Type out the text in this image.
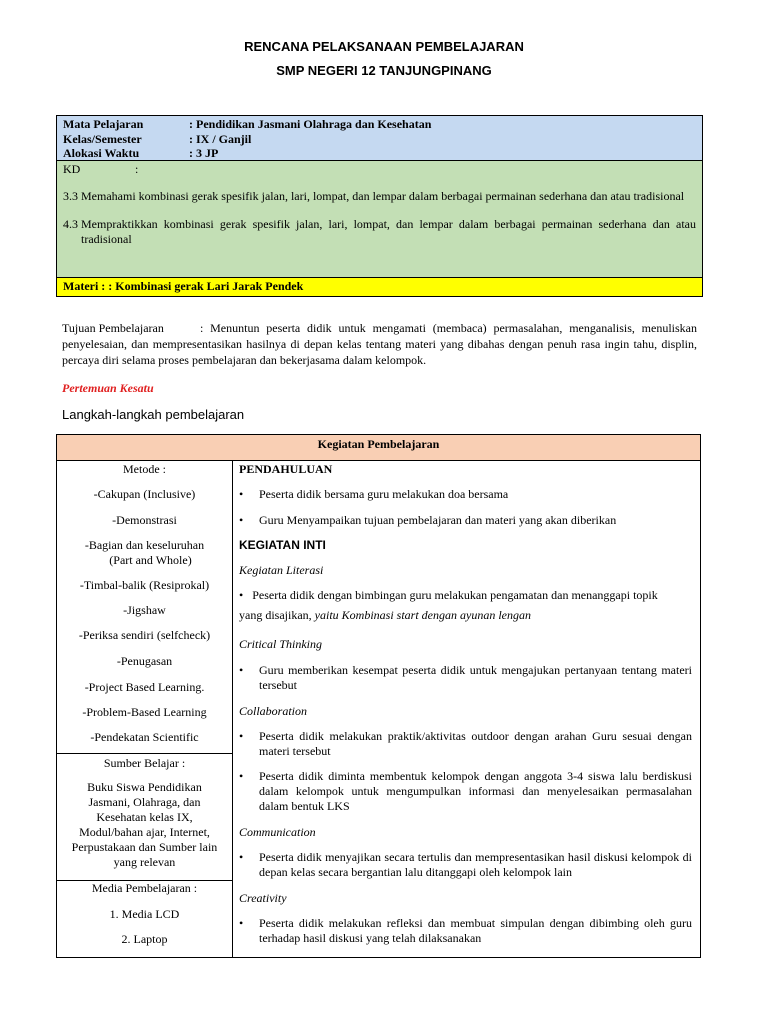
RENCANA PELAKSANAAN PEMBELAJARAN
SMP NEGERI 12 TANJUNGPINANG
Mata Pelajaran	: Pendidikan Jasmani Olahraga dan Kesehatan
Kelas/Semester	: IX / Ganjil
Alokasi Waktu	: 3 JP
KD	:
3.3 Memahami kombinasi gerak spesifik jalan, lari, lompat, dan lempar dalam berbagai permainan sederhana dan atau tradisional
4.3 Mempraktikkan kombinasi gerak spesifik jalan, lari, lompat, dan lempar dalam berbagai permainan sederhana dan atau tradisional
Materi : : Kombinasi gerak Lari Jarak Pendek
Tujuan Pembelajaran	: Menuntun peserta didik untuk mengamati (membaca) permasalahan, menganalisis, menuliskan penyelesaian, dan mempresentasikan hasilnya di depan kelas tentang materi yang dibahas dengan penuh rasa ingin tahu, displin, percaya diri selama proses pembelajaran dan bekerjasama dalam kelompok.
Pertemuan Kesatu
Langkah-langkah pembelajaran
Kegiatan Pembelajaran
Metode :
-Cakupan (Inclusive)
-Demonstrasi
-Bagian dan keseluruhan
(Part and Whole)
-Timbal-balik (Resiprokal)
-Jigshaw
-Periksa sendiri (selfcheck)
-Penugasan
-Project Based Learning.
-Problem-Based Learning
-Pendekatan Scientific
Sumber Belajar :
Buku Siswa Pendidikan
Jasmani, Olahraga, dan
Kesehatan kelas IX,
Modul/bahan ajar, Internet,
Perpustakaan dan Sumber lain
yang relevan
Media Pembelajaran :
1. Media LCD
2. Laptop
PENDAHULUAN
•	Peserta didik bersama guru melakukan doa bersama
•	Guru Menyampaikan tujuan pembelajaran dan materi yang akan diberikan
KEGIATAN INTI
Kegiatan Literasi
• Peserta didik dengan bimbingan guru melakukan pengamatan dan menanggapi topik
yang disajikan, yaitu Kombinasi start dengan ayunan lengan
Critical Thinking
•	Guru memberikan kesempat peserta didik untuk mengajukan pertanyaan tentang materi tersebut
Collaboration
•	Peserta didik melakukan praktik/aktivitas outdoor dengan arahan Guru sesuai dengan materi tersebut
•	Peserta didik diminta membentuk kelompok dengan anggota 3-4 siswa lalu berdiskusi dalam kelompok untuk mengumpulkan informasi dan menyelesaikan permasalahan dalam bentuk LKS
Communication
•	Peserta didik menyajikan secara tertulis dan mempresentasikan hasil diskusi kelompok di depan kelas secara bergantian lalu ditanggapi oleh kelompok lain
Creativity
•	Peserta didik melakukan refleksi dan membuat simpulan dengan dibimbing oleh guru terhadap hasil diskusi yang telah dilaksanakan
